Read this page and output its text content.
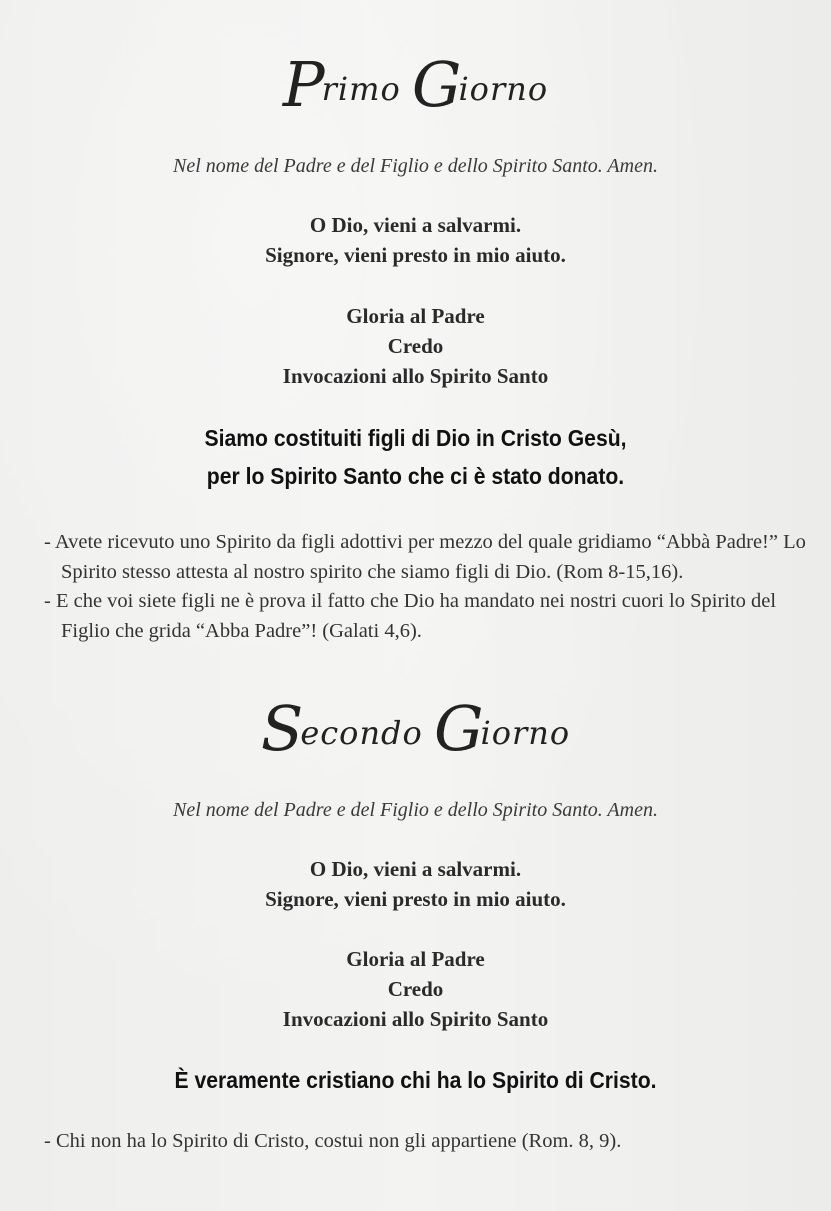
Primo Giorno
Nel nome del Padre e del Figlio e dello Spirito Santo. Amen.
O Dio, vieni a salvarmi.
Signore, vieni presto in mio aiuto.
Gloria al Padre
Credo
Invocazioni allo Spirito Santo
Siamo costituiti figli di Dio in Cristo Gesù,
per lo Spirito Santo che ci è stato donato.
- Avete ricevuto uno Spirito da figli adottivi per mezzo del quale gridiamo “Abbà Padre!” Lo Spirito stesso attesta al nostro spirito che siamo figli di Dio. (Rom 8-15,16).
- E che voi siete figli ne è prova il fatto che Dio ha mandato nei nostri cuori lo Spirito del Figlio che grida “Abba Padre”! (Galati 4,6).
Secondo Giorno
Nel nome del Padre e del Figlio e dello Spirito Santo. Amen.
O Dio, vieni a salvarmi.
Signore, vieni presto in mio aiuto.
Gloria al Padre
Credo
Invocazioni allo Spirito Santo
È veramente cristiano chi ha lo Spirito di Cristo.
- Chi non ha lo Spirito di Cristo, costui non gli appartiene (Rom. 8, 9).
